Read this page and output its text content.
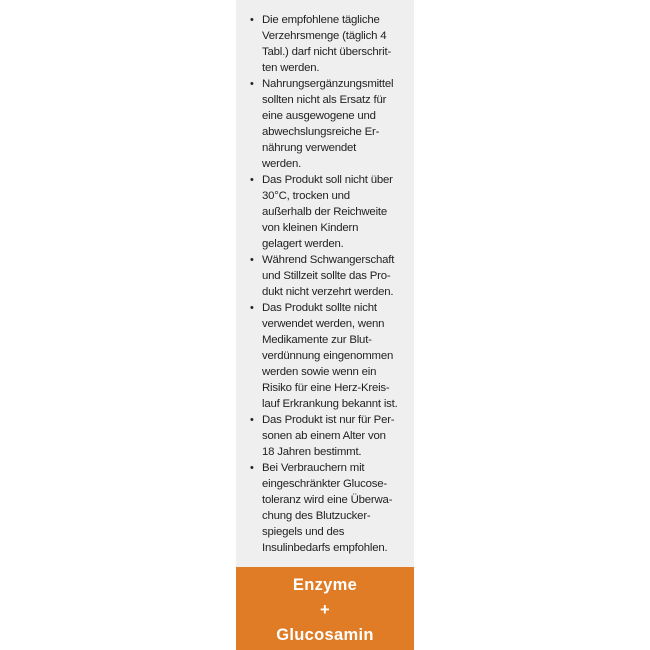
• Die empfohlene tägliche
Verzehrsmenge (täglich 4
Tabl.) darf nicht überschrit-
ten werden.
• Nahrungsergänzungsmittel
sollten nicht als Ersatz für
eine ausgewogene und
abwechslungsreiche Er-
nährung verwendet
werden.
• Das Produkt soll nicht über
30°C, trocken und
außerhalb der Reichweite
von kleinen Kindern
gelagert werden.
• Während Schwangerschaft
und Stillzeit sollte das Pro-
dukt nicht verzehrt werden.
• Das Produkt sollte nicht
verwendet werden, wenn
Medikamente zur Blut-
verdünnung eingenommen
werden sowie wenn ein
Risiko für eine Herz-Kreis-
lauf Erkrankung bekannt ist.
• Das Produkt ist nur für Per-
sonen ab einem Alter von
18 Jahren bestimmt.
• Bei Verbrauchern mit
eingeschränkter Glucose-
toleranz wird eine Überwa-
chung des Blutzucker-
spiegels und des
Insulinbedarfs empfohlen.
Enzyme
+
Glucosamin
